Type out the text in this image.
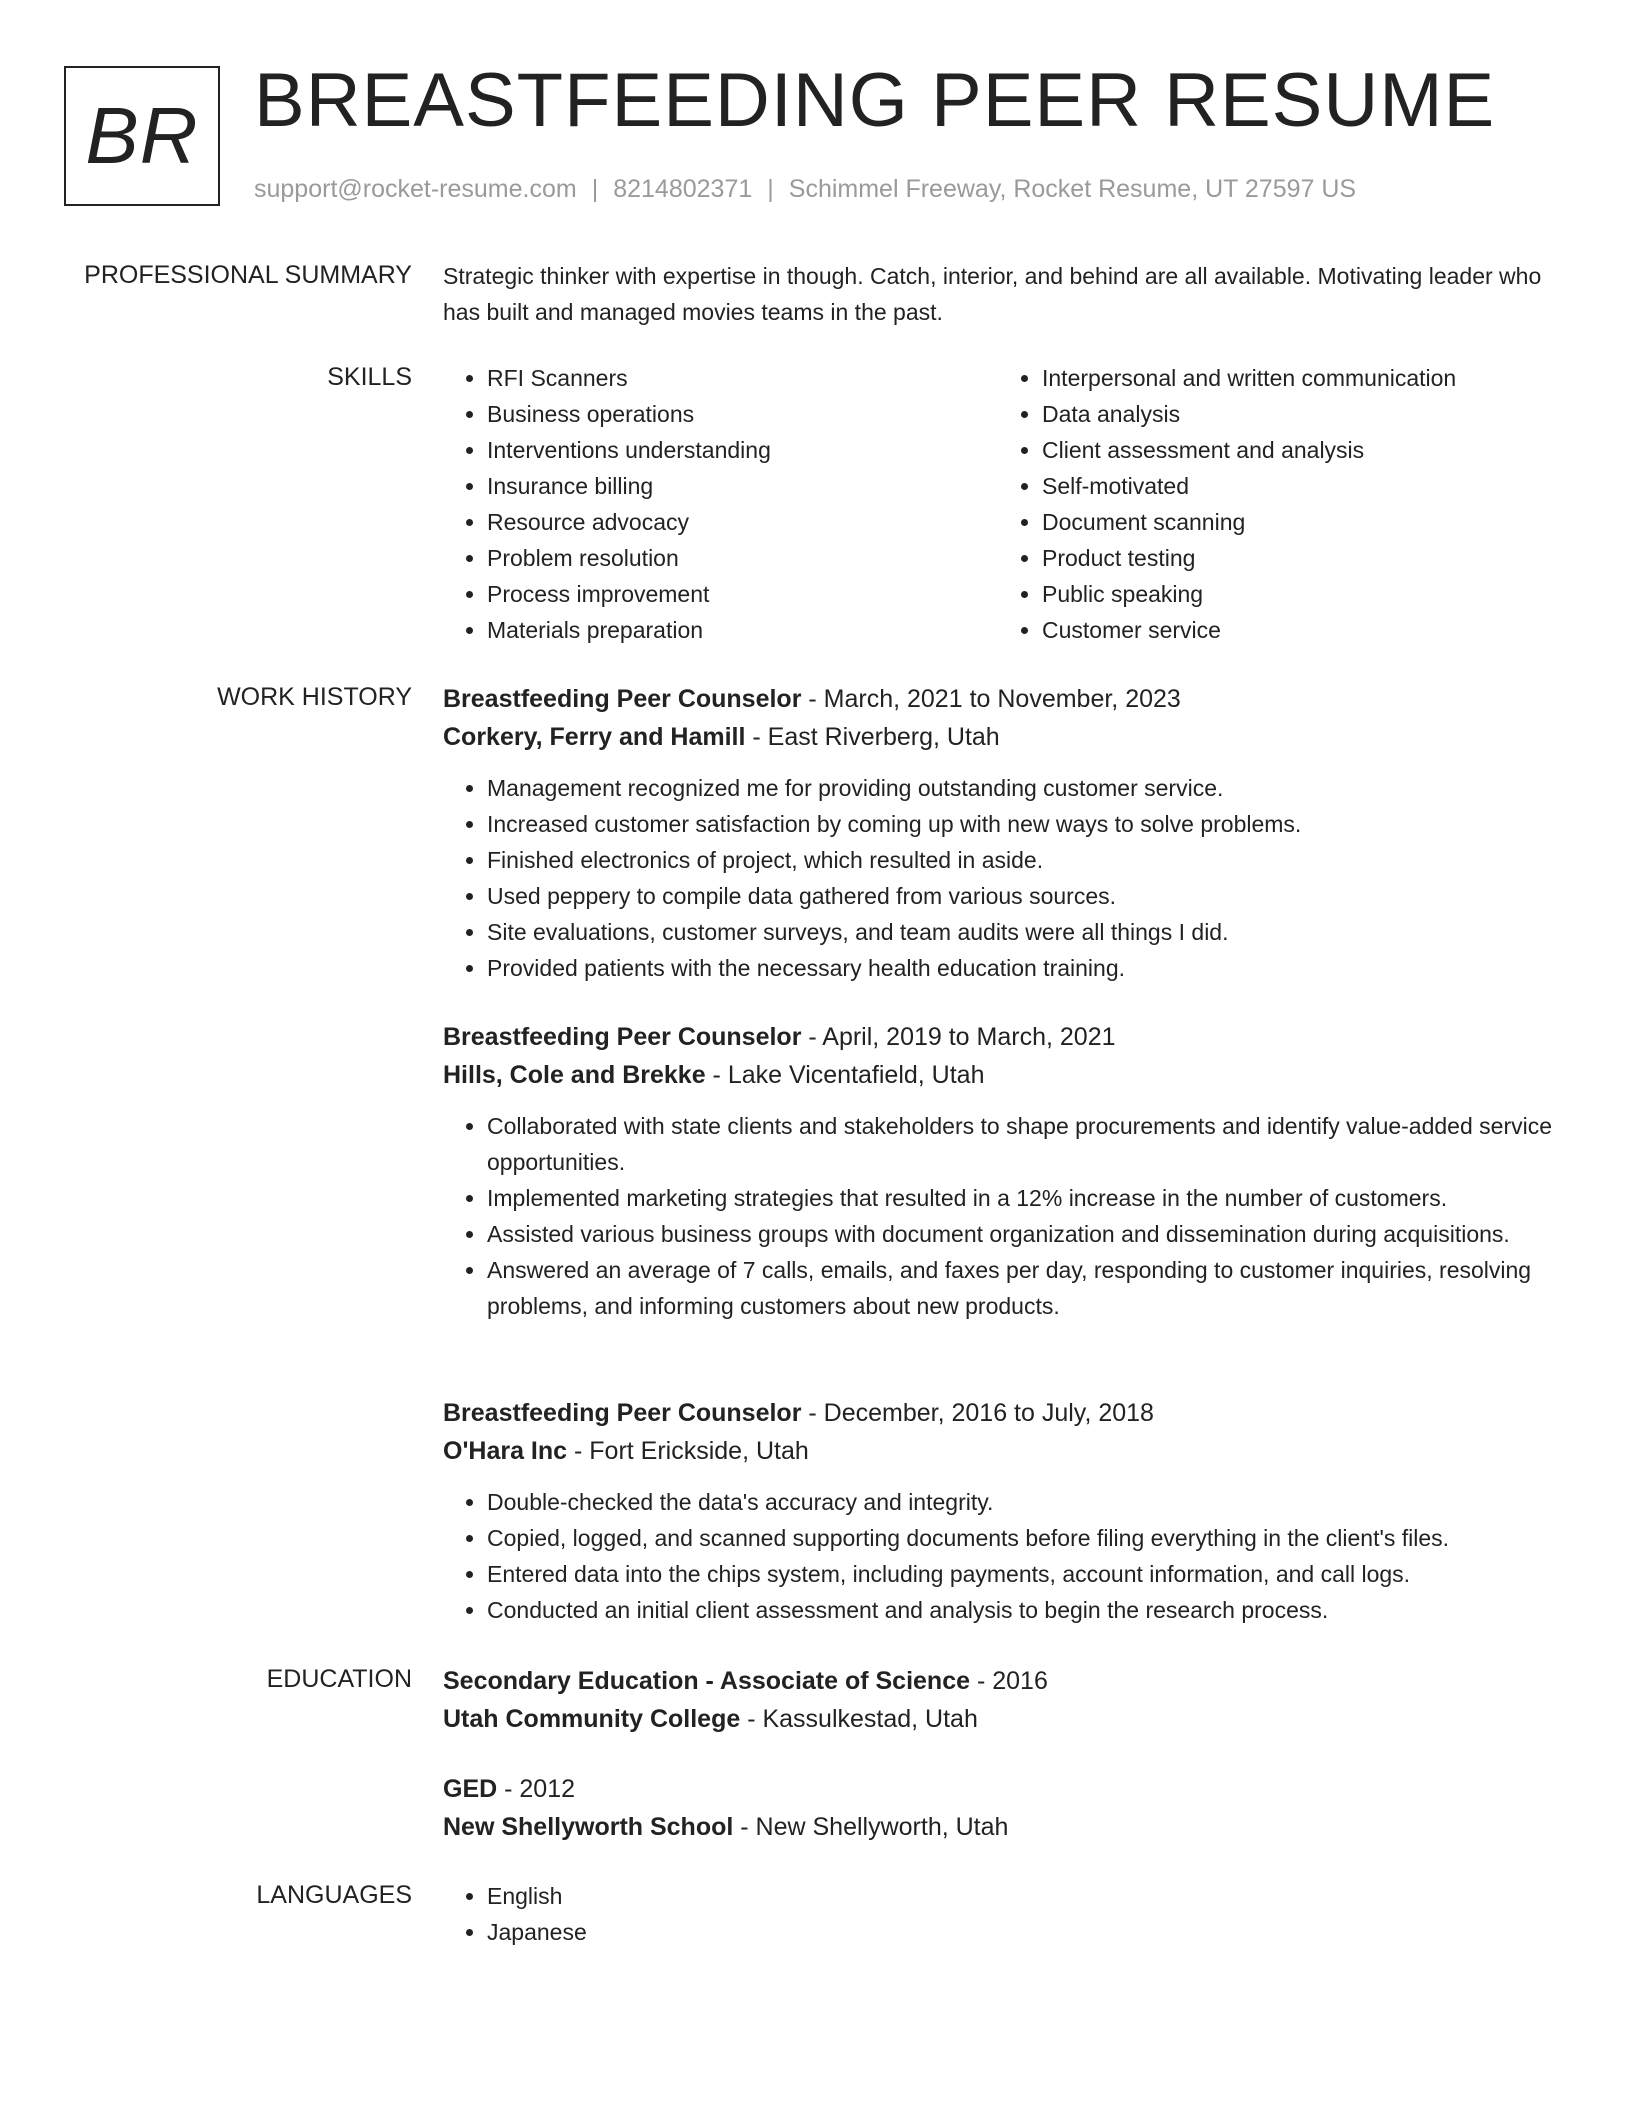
BR BREASTFEEDING PEER RESUME
support@rocket-resume.com | 8214802371 | Schimmel Freeway, Rocket Resume, UT 27597 US
PROFESSIONAL SUMMARY Strategic thinker with expertise in though. Catch, interior, and behind are all available. Motivating leader who has built and managed movies teams in the past.

SKILLS	• RFI Scanners
• Business operations
• Interventions understanding
• Insurance billing
• Resource advocacy
• Problem resolution
• Process improvement
• Materials preparation
• Interpersonal and written communication
• Data analysis
• Client assessment and analysis
• Self-motivated
• Document scanning
• Product testing
• Public speaking
• Customer service
WORK HISTORY Breastfeeding Peer Counselor - March, 2021 to November, 2023
Corkery, Ferry and Hamill - East Riverberg, Utah
• Management recognized me for providing outstanding customer service.
• Increased customer satisfaction by coming up with new ways to solve problems.
• Finished electronics of project, which resulted in aside.
• Used peppery to compile data gathered from various sources.
• Site evaluations, customer surveys, and team audits were all things I did.
• Provided patients with the necessary health education training.
Breastfeeding Peer Counselor - April, 2019 to March, 2021
Hills, Cole and Brekke - Lake Vicentafield, Utah
• Collaborated with state clients and stakeholders to shape procurements and identify value-added service opportunities.
• Implemented marketing strategies that resulted in a 12% increase in the number of customers.
• Assisted various business groups with document organization and dissemination during acquisitions.
• Answered an average of 7 calls, emails, and faxes per day, responding to customer inquiries, resolving problems, and informing customers about new products.
Breastfeeding Peer Counselor - December, 2016 to July, 2018
O'Hara Inc - Fort Erickside, Utah
• Double-checked the data's accuracy and integrity.
• Copied, logged, and scanned supporting documents before filing everything in the client's files.
• Entered data into the chips system, including payments, account information, and call logs.
• Conducted an initial client assessment and analysis to begin the research process.
EDUCATION Secondary Education - Associate of Science - 2016
Utah Community College - Kassulkestad, Utah
GED - 2012
New Shellyworth School - New Shellyworth, Utah
LANGUAGES	• English
• Japanese
